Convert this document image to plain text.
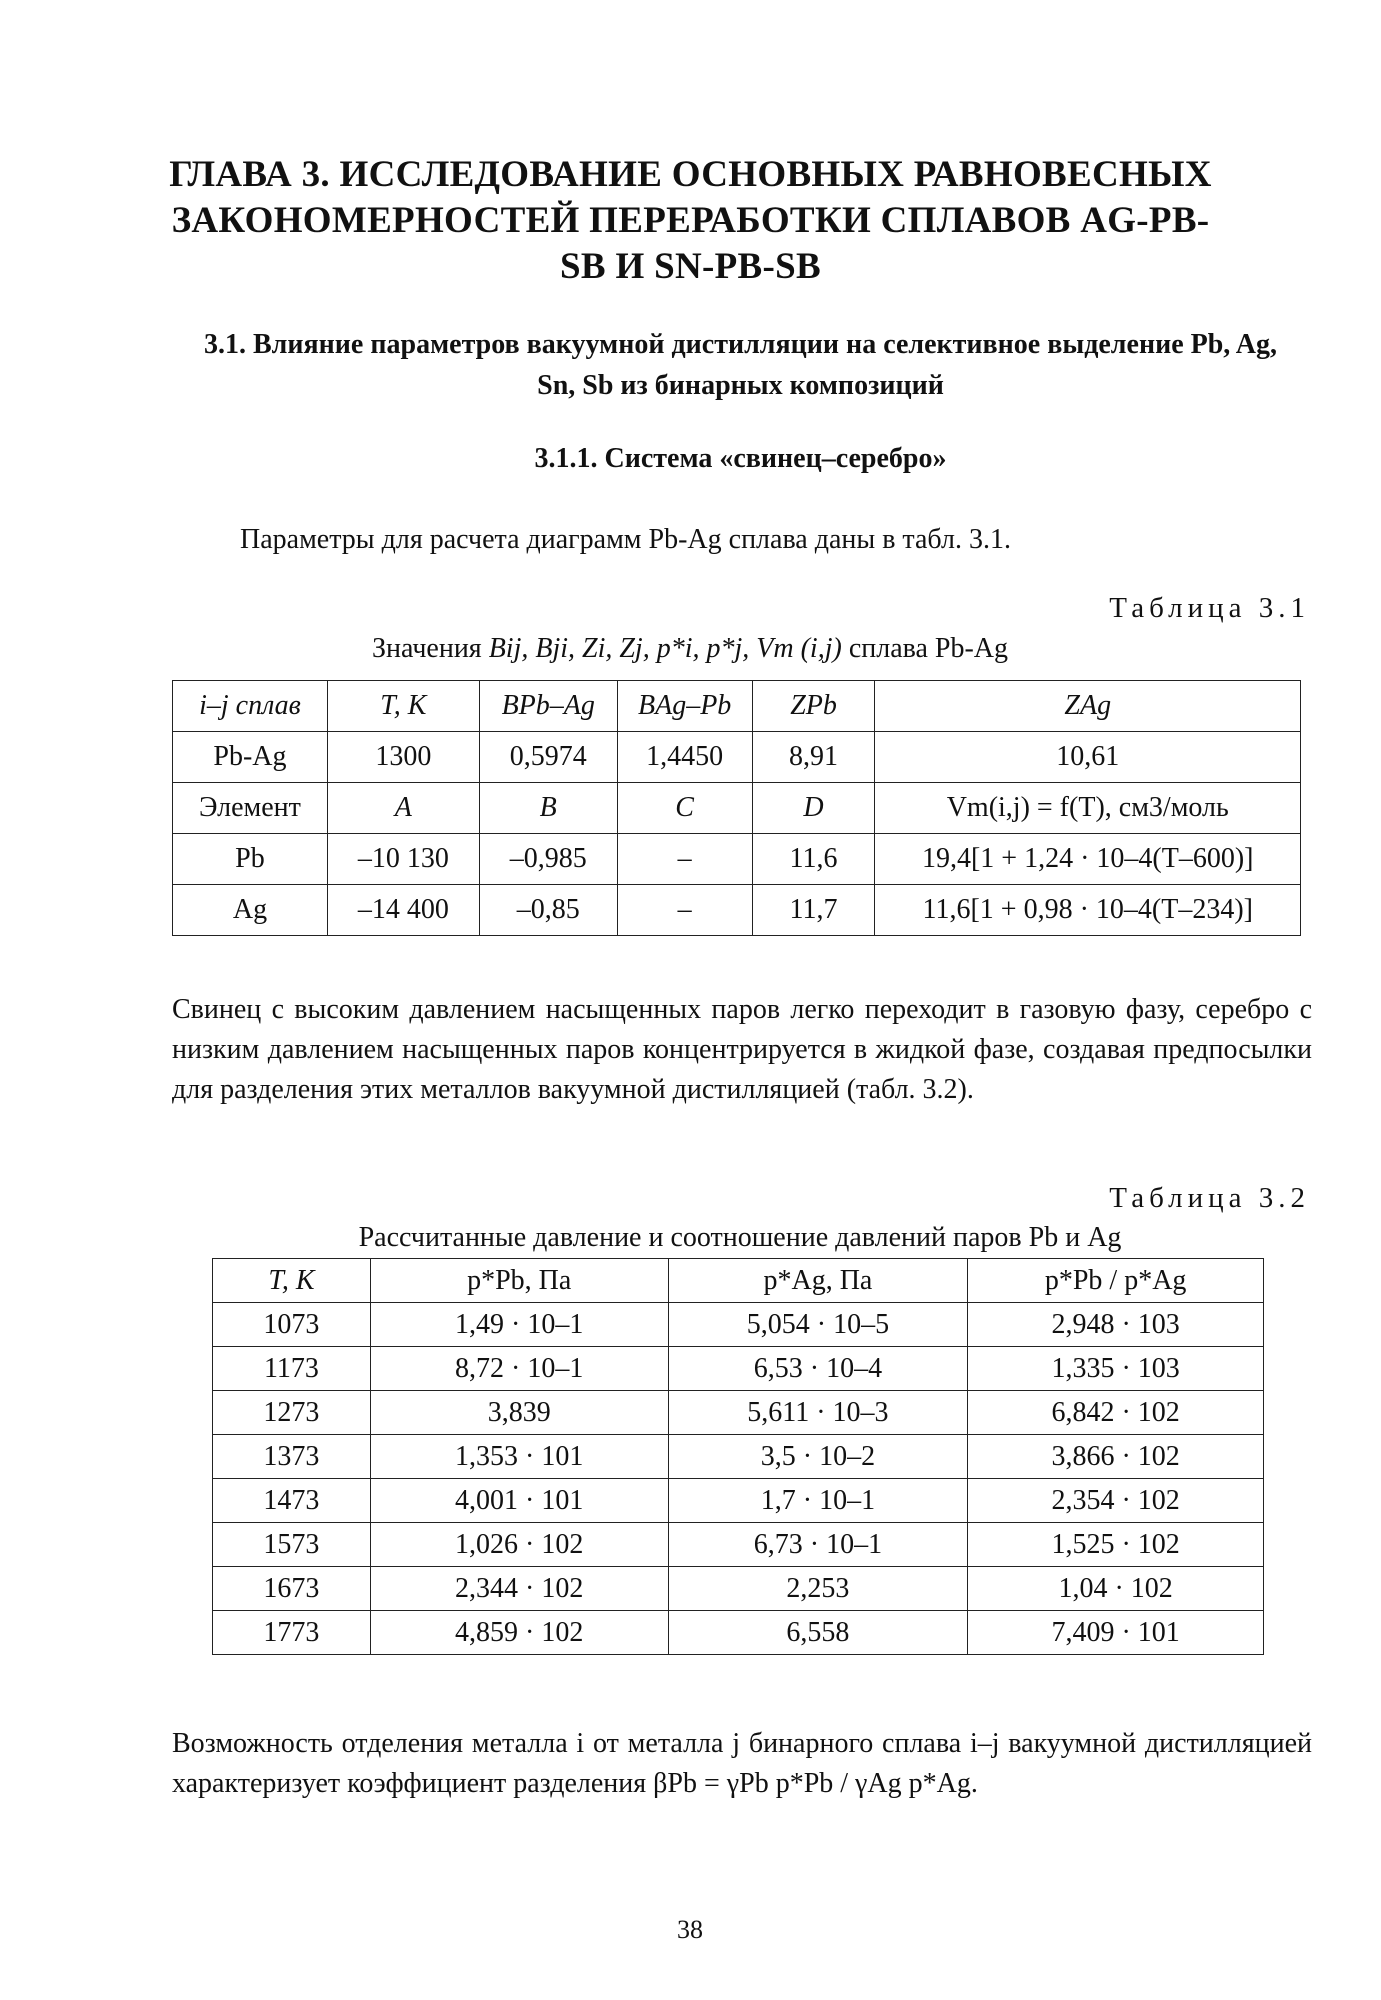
ГЛАВА 3. ИССЛЕДОВАНИЕ ОСНОВНЫХ РАВНОВЕСНЫХ ЗАКОНОМЕРНОСТЕЙ ПЕРЕРАБОТКИ СПЛАВОВ AG-PB-SB И SN-PB-SB
3.1. Влияние параметров вакуумной дистилляции на селективное выделение Pb, Ag, Sn, Sb из бинарных композиций
3.1.1. Система «свинец–серебро»
Параметры для расчета диаграмм Pb-Ag сплава даны в табл. 3.1.
Таблица 3.1
Значения Bij, Bji, Zi, Zj, p*i, p*j, Vm (i,j) сплава Pb-Ag
i–j сплав	T, K	BPb–Ag	BAg–Pb	ZPb	ZAg
Pb-Ag	1300	0,5974	1,4450	8,91	10,61
Элемент	A	B	C	D	Vm(i,j) = f(T), см3/моль
Pb	–10 130	–0,985	–	11,6	19,4[1 + 1,24 · 10–4(T–600)]
Ag	–14 400	–0,85	–	11,7	11,6[1 + 0,98 · 10–4(T–234)]
Свинец с высоким давлением насыщенных паров легко переходит в газовую фазу, серебро с низким давлением насыщенных паров концентрируется в жидкой фазе, создавая предпосылки для разделения этих металлов вакуумной дистилляцией (табл. 3.2).
Таблица 3.2
Рассчитанные давление и соотношение давлений паров Pb и Ag
T, K	p*Pb, Па	p*Ag, Па	p*Pb / p*Ag
1073	1,49 · 10–1	5,054 · 10–5	2,948 · 103
1173	8,72 · 10–1	6,53 · 10–4	1,335 · 103
1273	3,839	5,611 · 10–3	6,842 · 102
1373	1,353 · 101	3,5 · 10–2	3,866 · 102
1473	4,001 · 101	1,7 · 10–1	2,354 · 102
1573	1,026 · 102	6,73 · 10–1	1,525 · 102
1673	2,344 · 102	2,253	1,04 · 102
1773	4,859 · 102	6,558	7,409 · 101
Возможность отделения металла i от металла j бинарного сплава i–j вакуумной дистилляцией характеризует коэффициент разделения βPb = γPb p*Pb / γAg p*Ag.
38
